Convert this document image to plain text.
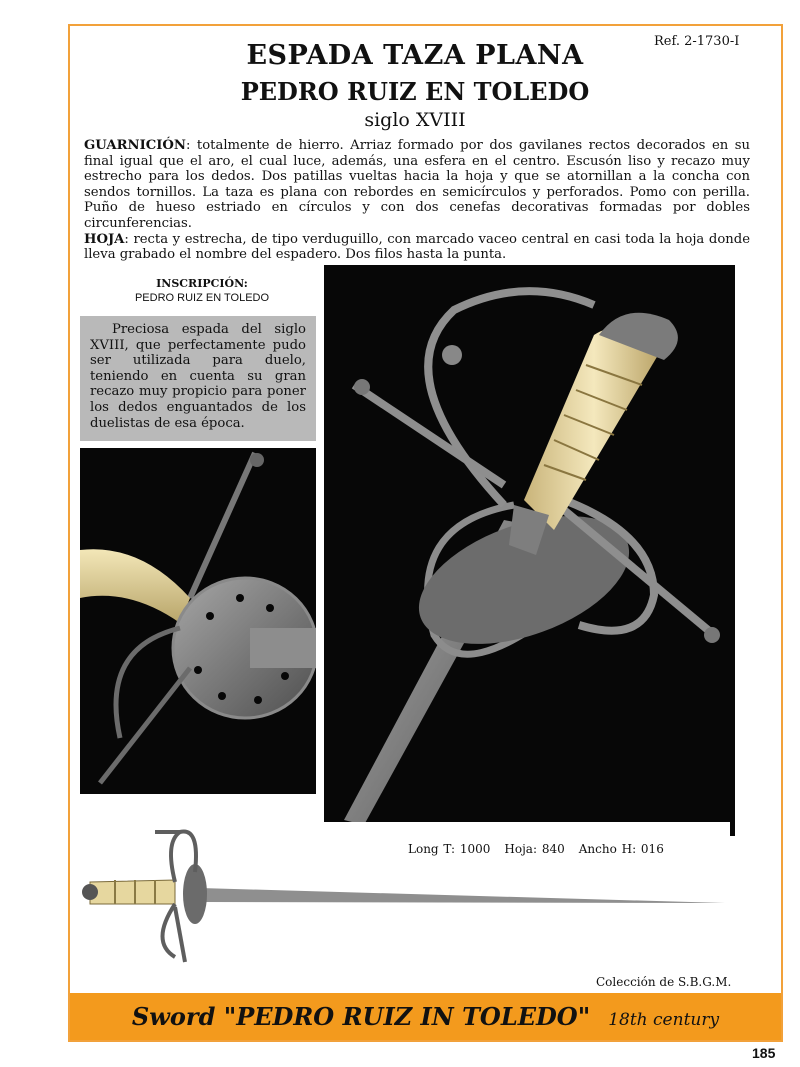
Ref. 2-1730-I
ESPADA TAZA PLANA
PEDRO RUIZ EN TOLEDO
siglo XVIII
GUARNICIÓN: totalmente de hierro. Arriaz formado por dos gavilanes rectos decorados en su final igual que el aro, el cual luce, además, una esfera en el centro. Escusón liso y recazo muy estrecho para los dedos. Dos patillas vueltas hacia la hoja y que se atornillan a la concha con sendos tornillos. La taza es plana con rebordes en semicírculos y perforados. Pomo con perilla. Puño de hueso estriado en círculos y con dos cenefas decorativas formadas por dobles circunferencias.
HOJA: recta y estrecha, de tipo verduguillo, con marcado vaceo central en casi toda la hoja donde lleva grabado el nombre del espadero. Dos filos hasta la punta.
INSCRIPCIÓN:
PEDRO RUIZ EN TOLEDO
Preciosa espada del siglo XVIII, que perfectamente pudo ser utilizada para duelo, teniendo en cuenta su gran recazo muy propicio para poner los dedos enguantados de los duelistas de esa época.
Long T: 1000 Hoja: 840 Ancho H: 016
Colección de S.B.G.M.
Sword "PEDRO RUIZ IN TOLEDO" 18th century
185
